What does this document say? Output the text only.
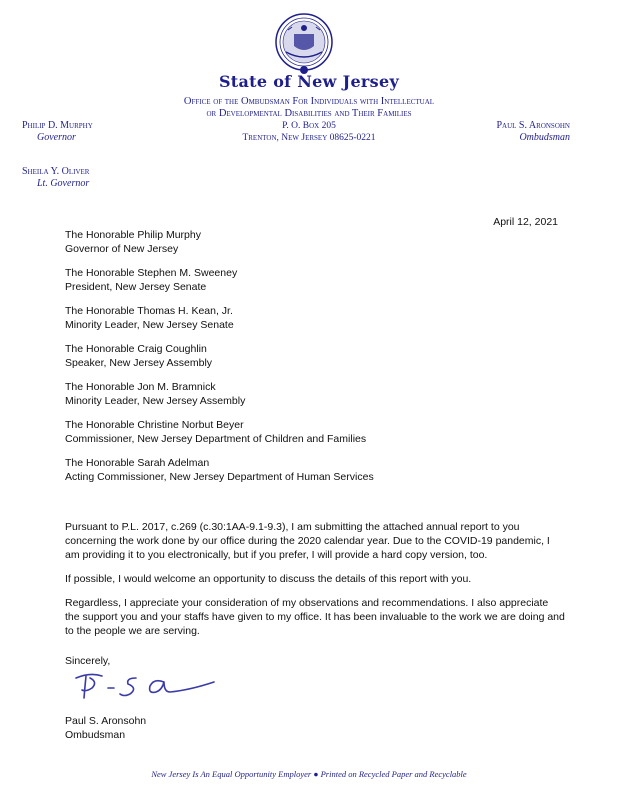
State of New Jersey
Office of the Ombudsman For Individuals with Intellectual
or Developmental Disabilities and Their Families
P. O. Box 205
Trenton, New Jersey 08625-0221
Philip D. Murphy
Governor
Paul S. Aronsohn
Ombudsman
Sheila Y. Oliver
Lt. Governor
April 12, 2021
The Honorable Philip Murphy
Governor of New Jersey
The Honorable Stephen M. Sweeney
President, New Jersey Senate
The Honorable Thomas H. Kean, Jr.
Minority Leader, New Jersey Senate
The Honorable Craig Coughlin
Speaker, New Jersey Assembly
The Honorable Jon M. Bramnick
Minority Leader, New Jersey Assembly
The Honorable Christine Norbut Beyer
Commissioner, New Jersey Department of Children and Families
The Honorable Sarah Adelman
Acting Commissioner, New Jersey Department of Human Services

Pursuant to P.L. 2017, c.269 (c.30:1AA-9.1-9.3), I am submitting the attached annual report to you concerning the work done by our office during the 2020 calendar year. Due to the COVID-19 pandemic, I am providing it to you electronically, but if you prefer, I will provide a hard copy version, too.

If possible, I would welcome an opportunity to discuss the details of this report with you.

Regardless, I appreciate your consideration of my observations and recommendations. I also appreciate the support you and your staffs have given to my office. It has been invaluable to the work we are doing and to the people we are serving.

Sincerely,

Paul S. Aronsohn
Ombudsman
New Jersey Is An Equal Opportunity Employer ● Printed on Recycled Paper and Recyclable
